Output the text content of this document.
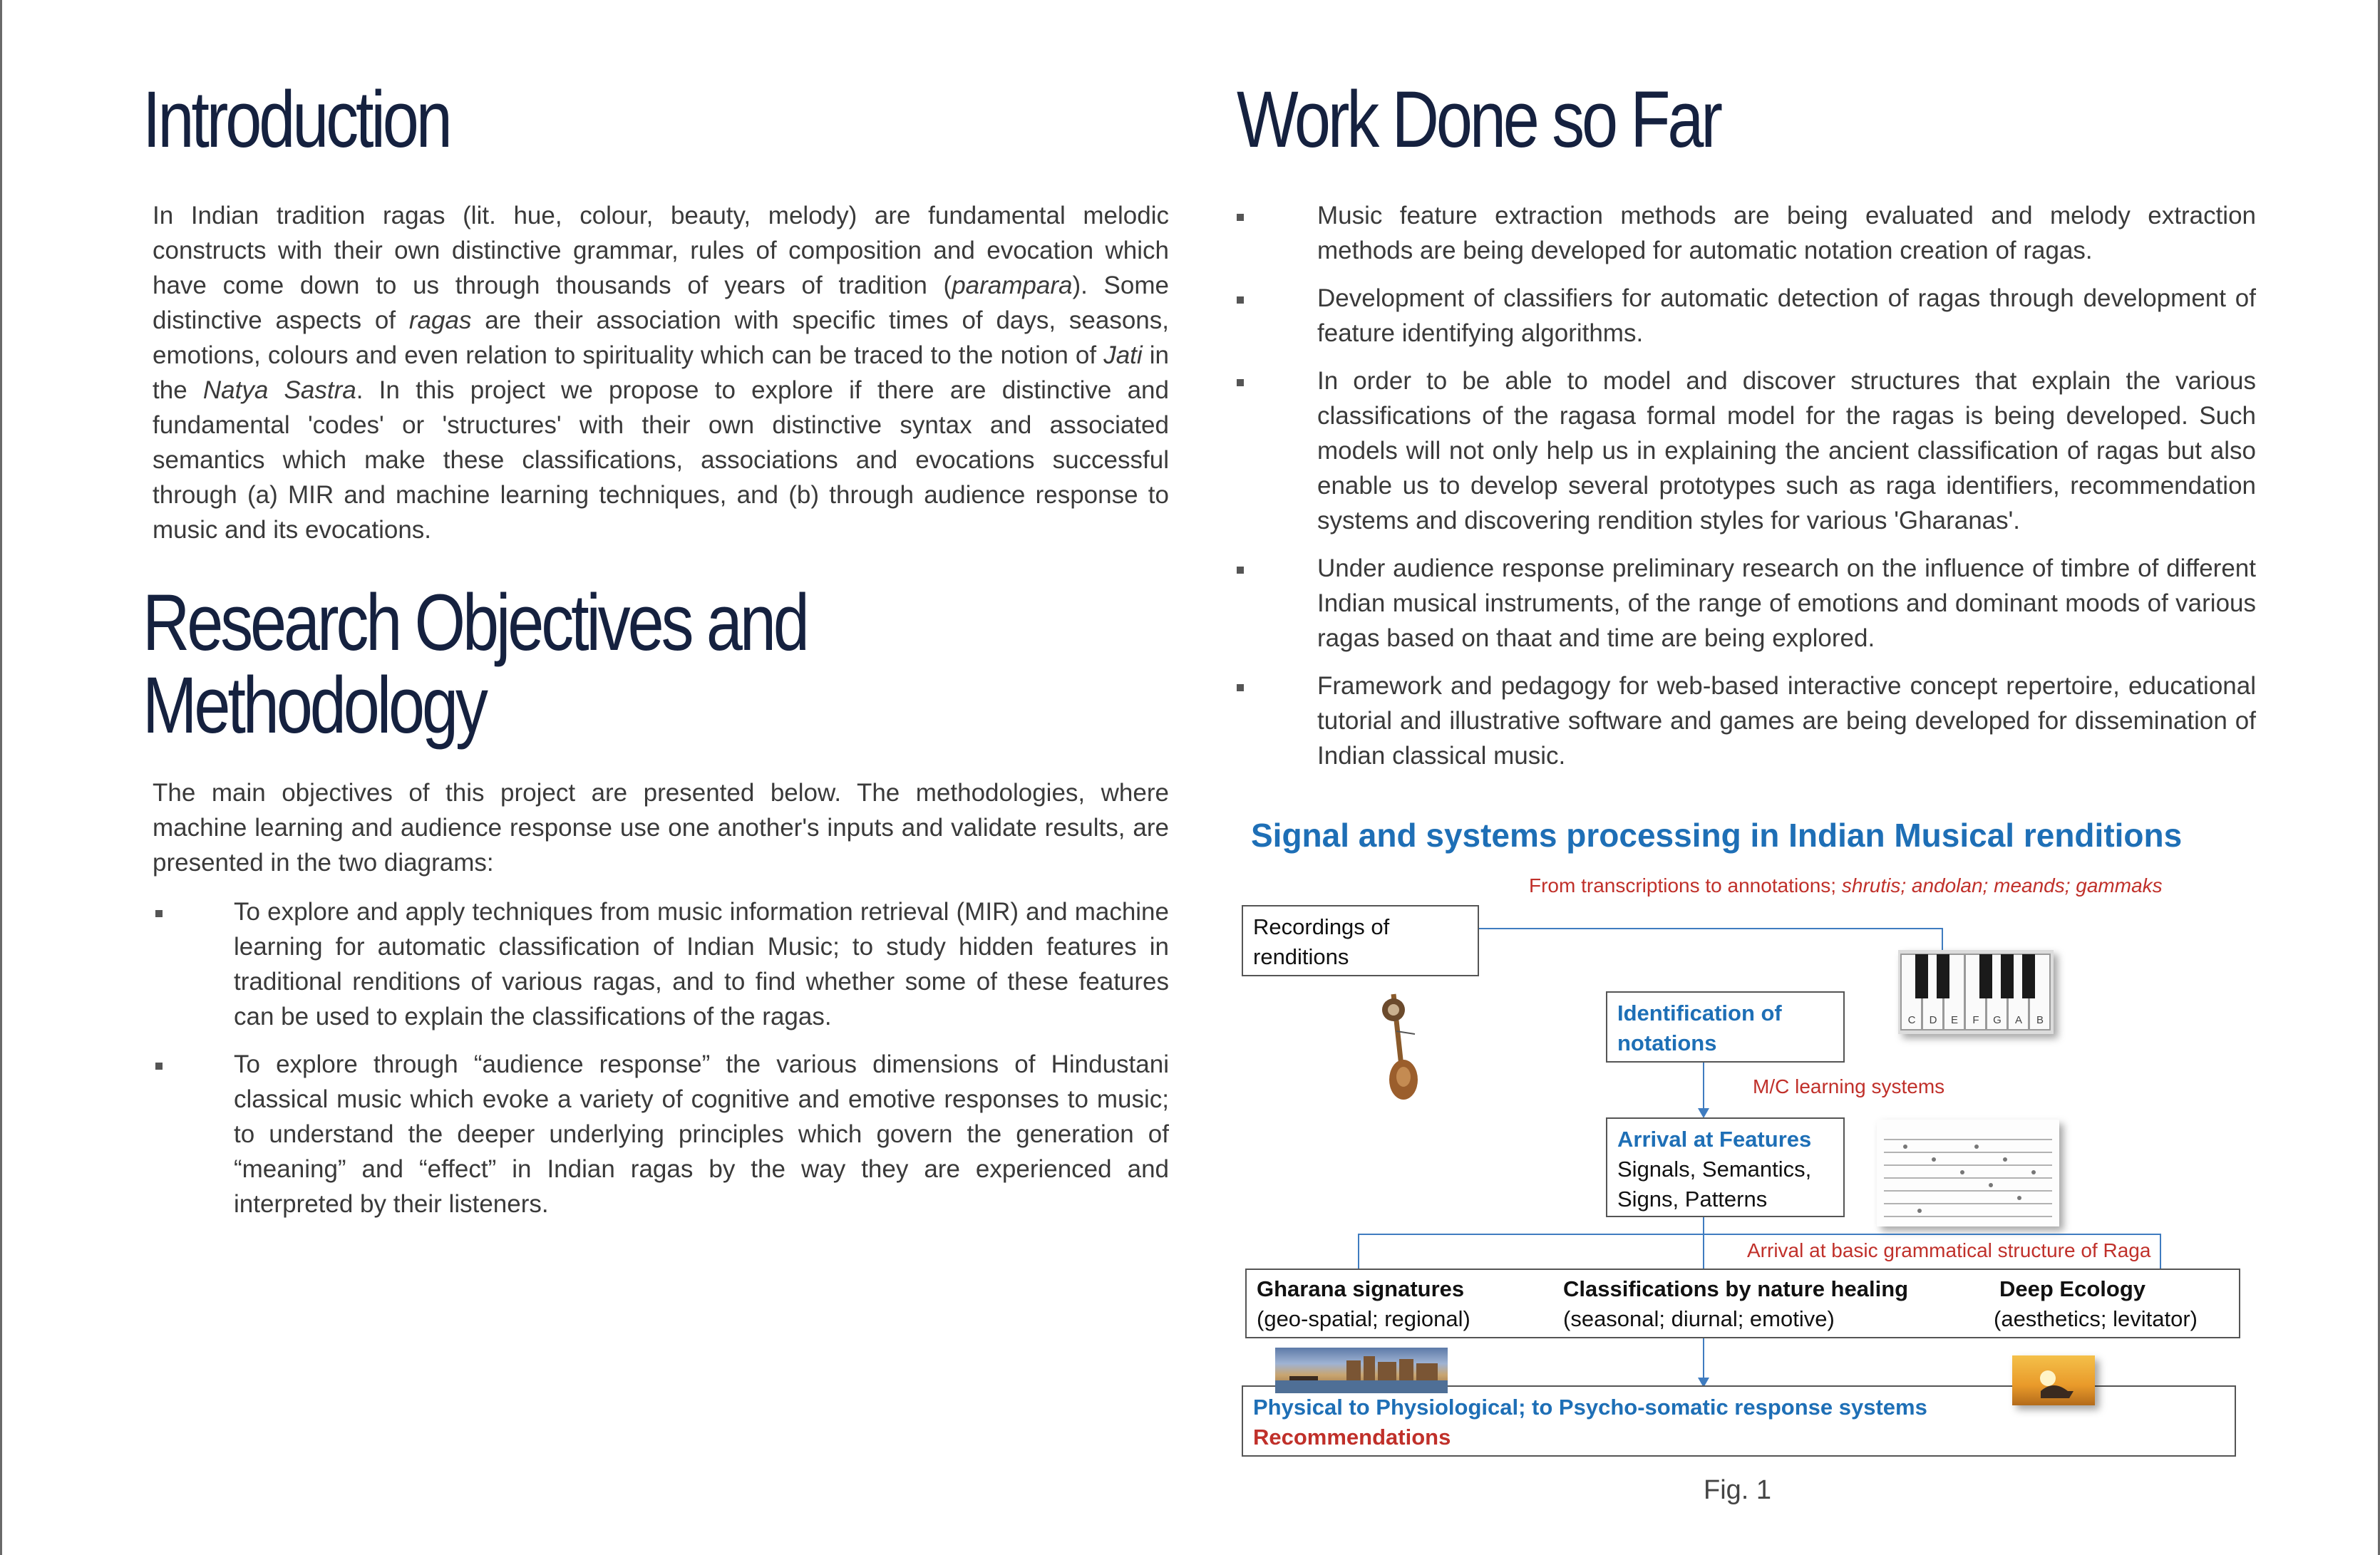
Introduction

In Indian tradition ragas (lit. hue, colour, beauty, melody) are fundamental melodic constructs with their own distinctive grammar, rules of composition and evocation which have come down to us through thousands of years of tradition (parampara). Some distinctive aspects of ragas are their association with specific times of days, seasons, emotions, colours and even relation to spirituality which can be traced to the notion of Jati in the Natya Sastra. In this project we propose to explore if there are distinctive and fundamental 'codes' or 'structures' with their own distinctive syntax and associated semantics which make these classifications, associations and evocations successful through (a) MIR and machine learning techniques, and (b) through audience response to music and its evocations.

Research Objectives and
Methodology

The main objectives of this project are presented below. The methodologies, where machine learning and audience response use one another's inputs and validate results, are presented in the two diagrams:

To explore and apply techniques from music information retrieval (MIR) and machine learning for automatic classification of Indian Music; to study hidden features in traditional renditions of various ragas, and to find whether some of these features can be used to explain the classifications of the ragas.
To explore through “audience response” the various dimensions of Hindustani classical music which evoke a variety of cognitive and emotive responses to music; to understand the deeper underlying principles which govern the generation of “meaning” and “effect” in Indian ragas by the way they are experienced and interpreted by their listeners.
Work Done so Far
Music feature extraction methods are being evaluated and melody extraction methods are being developed for automatic notation creation of ragas.
Development of classifiers for automatic detection of ragas through development of feature identifying algorithms.
In order to be able to model and discover structures that explain the various classifications of the ragasa formal model for the ragas is being developed. Such models will not only help us in explaining the ancient classification of ragas but also enable us to develop several prototypes such as raga identifiers, recommendation systems and discovering rendition styles for various 'Gharanas'.
Under audience response preliminary research on the influence of timbre of different Indian musical instruments, of the range of emotions and dominant moods of various ragas based on thaat and time are being explored.
Framework and pedagogy for web-based interactive concept repertoire, educational tutorial and illustrative software and games are being developed for dissemination of Indian classical music.
Signal and systems processing in Indian Musical renditions
From transcriptions to annotations; shrutis; andolan; meands; gammaks
Recordings of
renditions
C	D	E	F	G	A	B
Identification of
notations
M/C learning systems
Arrival at Features
Signals, Semantics,
Signs, Patterns
Arrival at basic grammatical structure of Raga
Gharana signatures
(geo-spatial; regional)
Classifications by nature healing
(seasonal; diurnal; emotive)
Deep Ecology
(aesthetics; levitator)
Physical to Physiological; to Psycho-somatic response systems
Recommendations
Fig. 1
